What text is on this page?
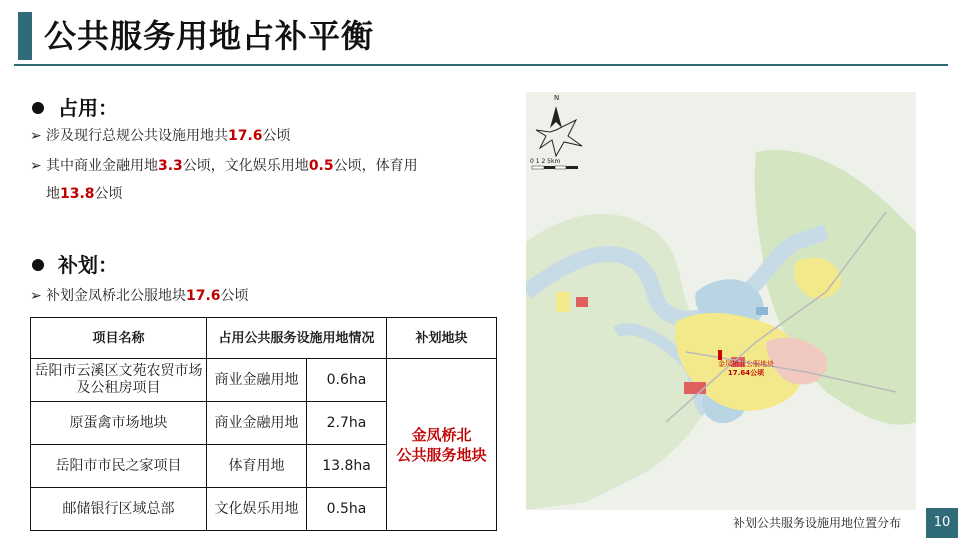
公共服务用地占补平衡
占用：
➢ 涉及现行总规公共设施用地共17.6公顷
➢ 其中商业金融用地3.3公顷，文化娱乐用地0.5公顷，体育用
地13.8公顷
补划：
➢ 补划金凤桥北公服地块17.6公顷
项目名称	占用公共服务设施用地情况		补划地块
岳阳市云溪区文苑农贸市场及公租房项目	商业金融用地	0.6ha	金凤桥北
公共服务地块

原蛋禽市场地块	商业金融用地	2.7ha	
岳阳市市民之家项目	体育用地	13.8ha	
邮储银行区域总部	文化娱乐用地	0.5ha	
N
0 1 2 5km
金凤桥北公服地块
17.64公顷
补划公共服务设施用地位置分布	10
